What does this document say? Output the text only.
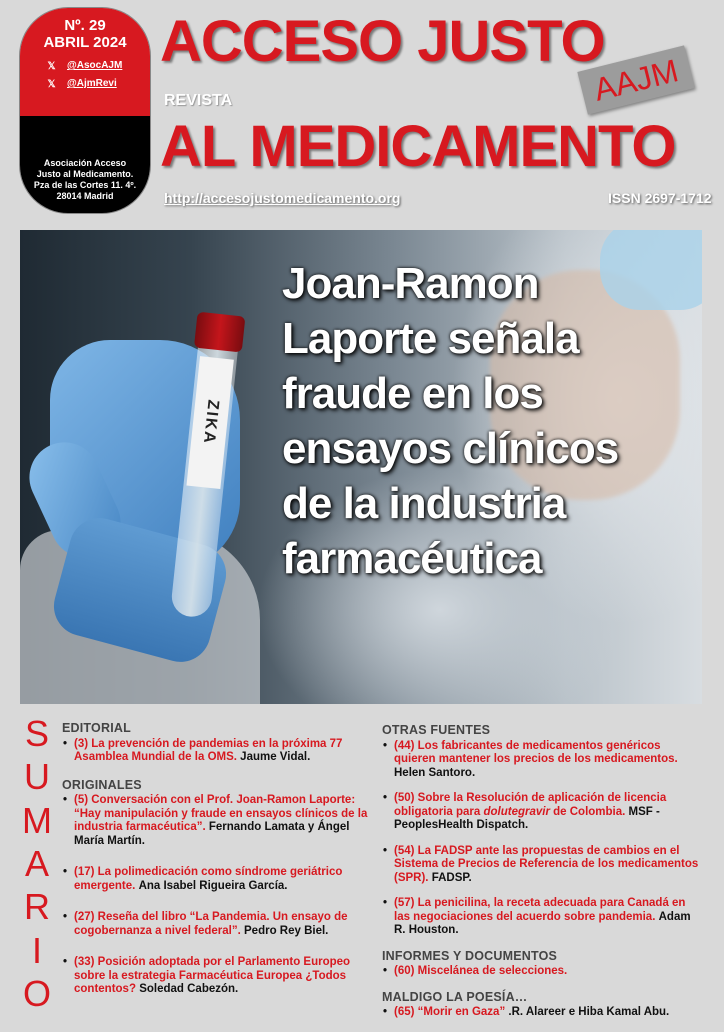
Nº. 29
ABRIL 2024
𝕏 @AsocAJM
𝕏 @AjmRevi
Asociación Acceso
Justo al Medicamento.
Pza de las Cortes 11. 4º.
28014 Madrid
ACCESO JUSTO
REVISTA	AAJM
AL MEDICAMENTO
http://accesojustomedicamento.org	ISSN 2697-1712
ZIKA
Joan-Ramon
Laporte señala
fraude en los
ensayos clínicos
de la industria
farmacéutica
S
U
M
A
R
I
O
EDITORIAL
• (3) La prevención de pandemias en la próxima 77 Asamblea Mundial de la OMS. Jaume Vidal.
ORIGINALES
• (5) Conversación con el Prof. Joan-Ramon Laporte: “Hay manipulación y fraude en ensayos clínicos de la industria farmacéutica”. Fernando Lamata y Ángel María Martín.
• (17) La polimedicación como síndrome geriátrico emergente. Ana Isabel Rigueira García.
• (27) Reseña del libro “La Pandemia. Un ensayo de cogobernanza a nivel federal”. Pedro Rey Biel.
• (33) Posición adoptada por el Parlamento Europeo sobre la estrategia Farmacéutica Europea ¿Todos contentos? Soledad Cabezón.
OTRAS FUENTES
• (44) Los fabricantes de medicamentos genéricos quieren mantener los precios de los medicamentos. Helen Santoro.
• (50) Sobre la Resolución de aplicación de licencia obligatoria para dolutegravir de Colombia. MSF - PeoplesHealth Dispatch.
• (54) La FADSP ante las propuestas de cambios en el Sistema de Precios de Referencia de los medicamentos (SPR). FADSP.
• (57) La penicilina, la receta adecuada para Canadá en las negociaciones del acuerdo sobre pandemia. Adam R. Houston.
INFORMES Y DOCUMENTOS
• (60) Miscelánea de selecciones.
MALDIGO LA POESÍA…
• (65) “Morir en Gaza” .R. Alareer e Hiba Kamal Abu.
